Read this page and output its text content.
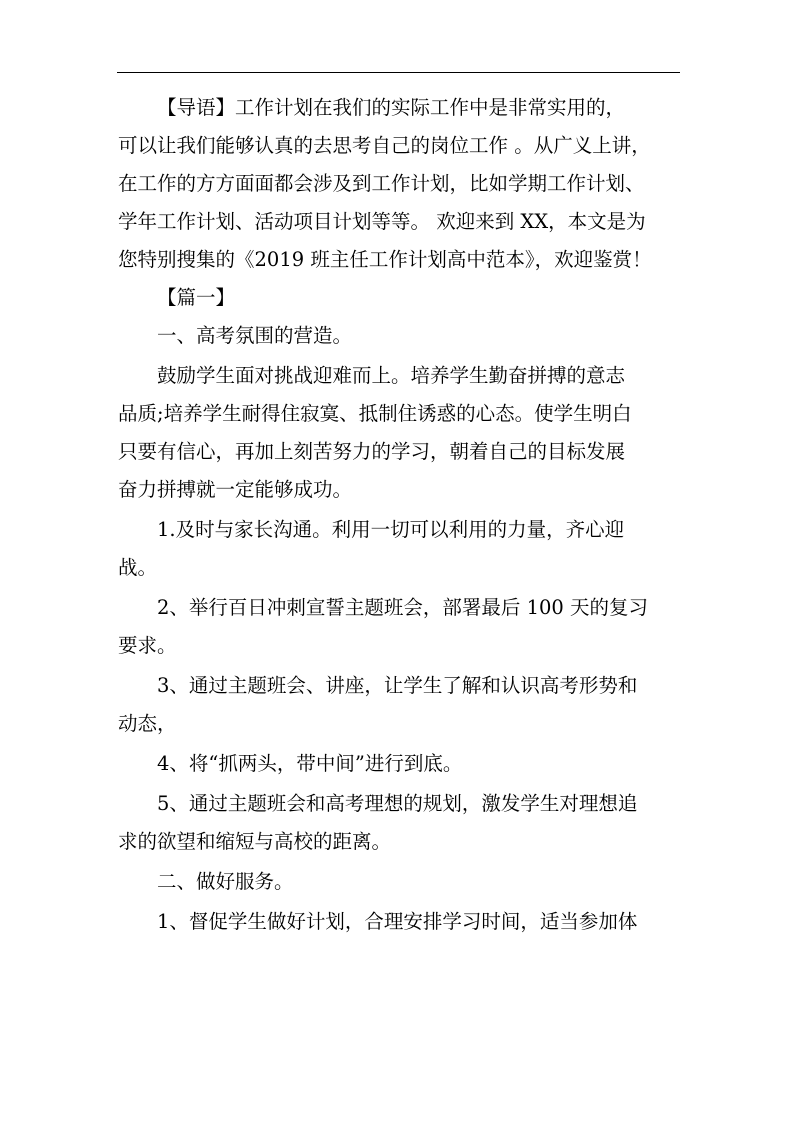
【导语】工作计划在我们的实际工作中是非常实用的，
可以让我们能够认真的去思考自己的岗位工作 。从广义上讲，
在工作的方方面面都会涉及到工作计划，比如学期工作计划、
学年工作计划、活动项目计划等等。 欢迎来到 XX，本文是为
您特别搜集的《2019 班主任工作计划高中范本》，欢迎鉴赏！
【篇一】
一、高考氛围的营造。
鼓励学生面对挑战迎难而上。培养学生勤奋拼搏的意志
品质;培养学生耐得住寂寞、抵制住诱惑的心态。使学生明白
只要有信心，再加上刻苦努力的学习，朝着自己的目标发展
奋力拼搏就一定能够成功。
1.及时与家长沟通。利用一切可以利用的力量，齐心迎
战。
2、举行百日冲刺宣誓主题班会，部署最后 100 天的复习
要求。
3、通过主题班会、讲座，让学生了解和认识高考形势和
动态，
4、将“抓两头，带中间”进行到底。
5、通过主题班会和高考理想的规划，激发学生对理想追
求的欲望和缩短与高校的距离。
二、做好服务。
1、督促学生做好计划，合理安排学习时间，适当参加体
